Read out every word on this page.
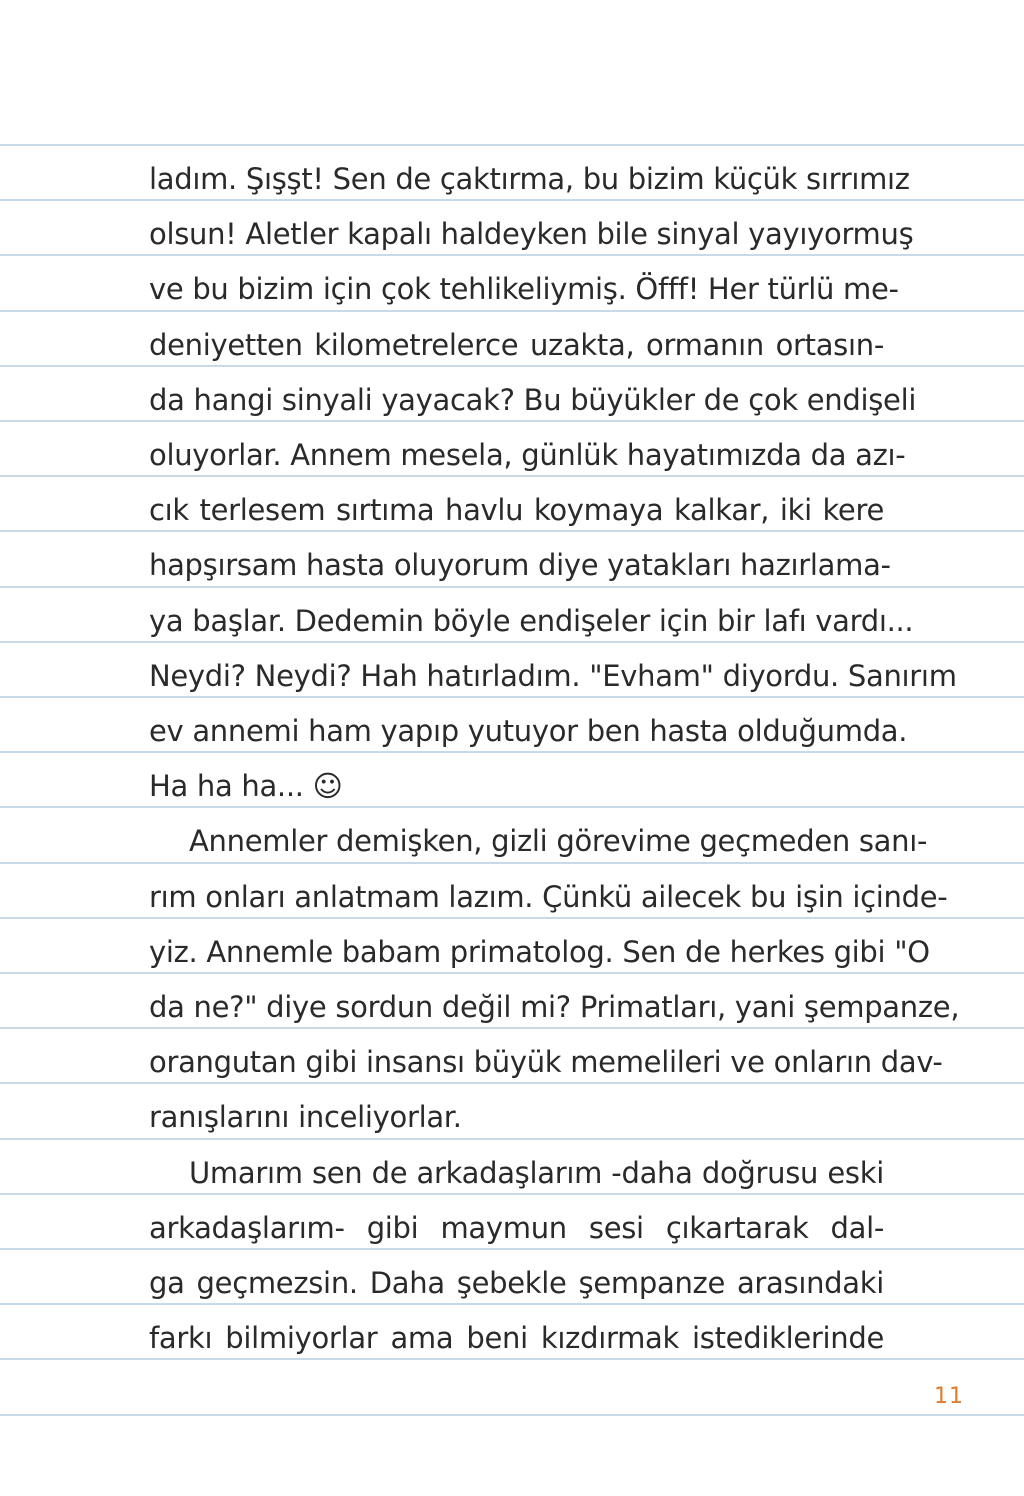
ladım. Şışşt! Sen de çaktırma, bu bizim küçük sırrımız
olsun! Aletler kapalı haldeyken bile sinyal yayıyormuş
ve bu bizim için çok tehlikeliymiş. Öfff! Her türlü me-
deniyetten kilometrelerce uzakta, ormanın ortasın-
da hangi sinyali yayacak? Bu büyükler de çok endişeli
oluyorlar. Annem mesela, günlük hayatımızda da azı-
cık terlesem sırtıma havlu koymaya kalkar, iki kere
hapşırsam hasta oluyorum diye yatakları hazırlama-
ya başlar. Dedemin böyle endişeler için bir lafı vardı...
Neydi? Neydi? Hah hatırladım. "Evham" diyordu. Sanırım
ev annemi ham yapıp yutuyor ben hasta olduğumda.
Ha ha ha... ☺
Annemler demişken, gizli görevime geçmeden sanı-
rım onları anlatmam lazım. Çünkü ailecek bu işin içinde-
yiz. Annemle babam primatolog. Sen de herkes gibi "O
da ne?" diye sordun değil mi? Primatları, yani şempanze,
orangutan gibi insansı büyük memelileri ve onların dav-
ranışlarını inceliyorlar.
Umarım sen de arkadaşlarım -daha doğrusu eski
arkadaşlarım- gibi maymun sesi çıkartarak dal-
ga geçmezsin. Daha şebekle şempanze arasındaki
farkı bilmiyorlar ama beni kızdırmak istediklerinde
11
